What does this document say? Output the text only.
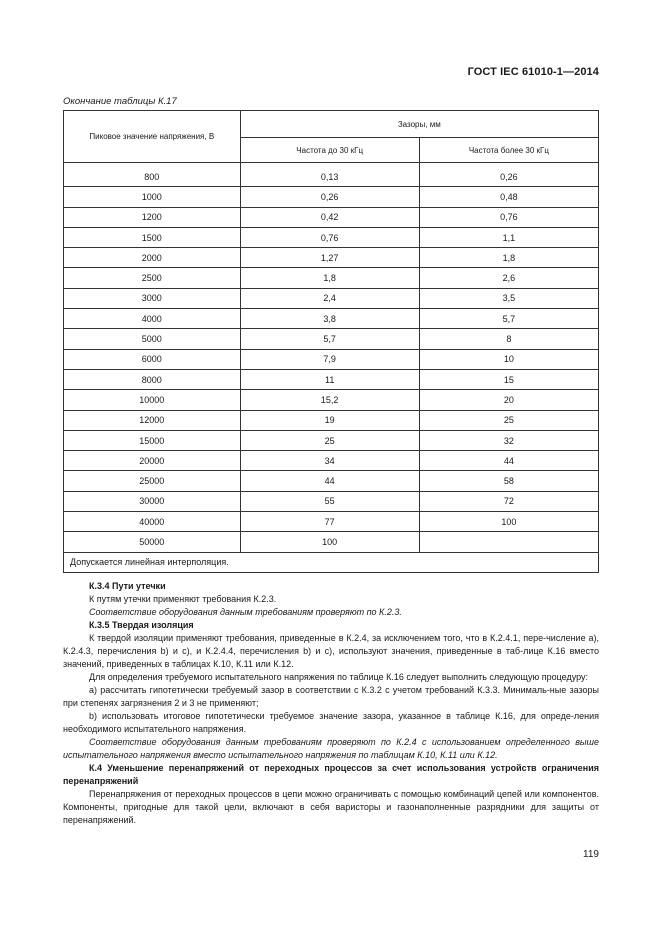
ГОСТ IEC 61010-1—2014
Окончание таблицы К.17
Пиковое значение напряжения, В	Зазоры, мм	
	Частота до 30 кГц	Частота более 30 кГц
800	0,13	0,26
1000	0,26	0,48
1200	0,42	0,76
1500	0,76	1,1
2000	1,27	1,8
2500	1,8	2,6
3000	2,4	3,5
4000	3,8	5,7
5000	5,7	8
6000	7,9	10
8000	11	15
10000	15,2	20
12000	19	25
15000	25	32
20000	34	44
25000	44	58
30000	55	72
40000	77	100
50000	100	
Допускается линейная интерполяция.		

К.3.4 Пути утечки

К путям утечки применяют требования К.2.3.

Соответствие оборудования данным требованиям проверяют по К.2.3.

К.3.5 Твердая изоляция

К твердой изоляции применяют требования, приведенные в К.2.4, за исключением того, что в К.2.4.1, пере-числение а), К.2.4.3, перечисления b) и с), и К.2.4.4, перечисления b) и с), используют значения, приведенные в таб-лице К.16 вместо значений, приведенных в таблицах К.10, К.11 или К.12.

Для определения требуемого испытательного напряжения по таблице К.16 следует выполнить следующую процедуру:

а) рассчитать гипотетически требуемый зазор в соответствии с К.3.2 с учетом требований К.3.3. Минималь-ные зазоры при степенях загрязнения 2 и 3 не применяют;

b) использовать итоговое гипотетически требуемое значение зазора, указанное в таблице К.16, для опреде-ления необходимого испытательного напряжения.

Соответствие оборудования данным требованиям проверяют по К.2.4 с использованием определенного выше испытательного напряжения вместо испытательного напряжения по таблицам К.10, К.11 или К.12.

К.4 Уменьшение перенапряжений от переходных процессов за счет использования устройств ограничения перенапряжений

Перенапряжения от переходных процессов в цепи можно ограничивать с помощью комбинаций цепей или компонентов. Компоненты, пригодные для такой цели, включают в себя варисторы и газонаполненные разрядники для защиты от перенапряжений.

119
